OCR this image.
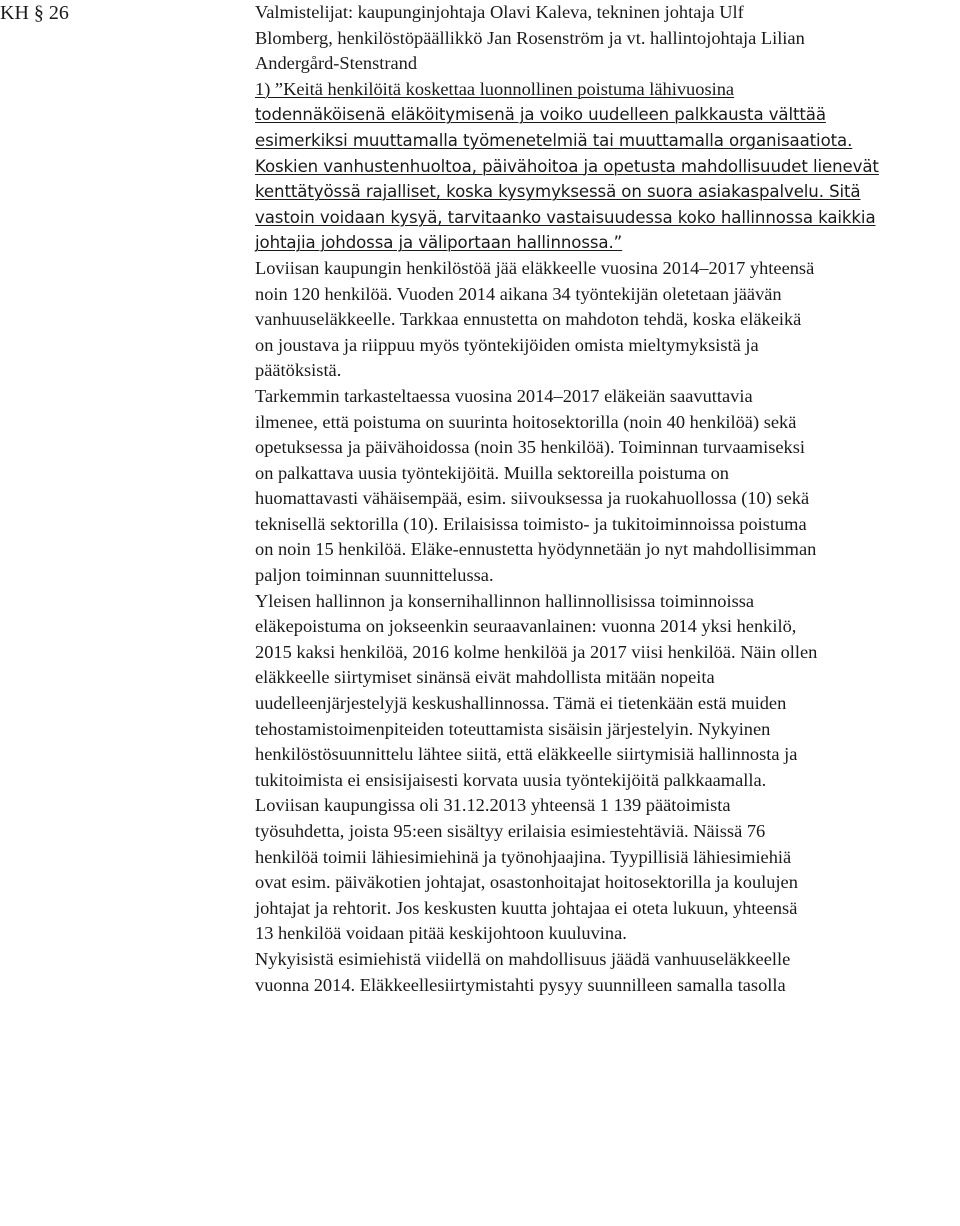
KH § 26	Valmistelijat: kaupunginjohtaja Olavi Kaleva, tekninen johtaja Ulf
Blomberg, henkilöstöpäällikkö Jan Rosenström ja vt. hallintojohtaja Lilian
Andergård-Stenstrand

1) ”Keitä henkilöitä koskettaa luonnollinen poistuma lähivuosina
todennäköisenä eläköitymisenä ja voiko uudelleen palkkausta välttää
esimerkiksi muuttamalla työmenetelmiä tai muuttamalla organisaatiota.
Koskien vanhustenhuoltoa, päivähoitoa ja opetusta mahdollisuudet lienevät
kenttätyössä rajalliset, koska kysymyksessä on suora asiakaspalvelu. Sitä
vastoin voidaan kysyä, tarvitaanko vastaisuudessa koko hallinnossa kaikkia
johtajia johdossa ja väliportaan hallinnossa.”

Loviisan kaupungin henkilöstöä jää eläkkeelle vuosina 2014–2017 yhteensä
noin 120 henkilöä. Vuoden 2014 aikana 34 työntekijän oletetaan jäävän
vanhuuseläkkeelle. Tarkkaa ennustetta on mahdoton tehdä, koska eläkeikä
on joustava ja riippuu myös työntekijöiden omista mieltymyksistä ja
päätöksistä.

Tarkemmin tarkasteltaessa vuosina 2014–2017 eläkeiän saavuttavia
ilmenee, että poistuma on suurinta hoitosektorilla (noin 40 henkilöä) sekä
opetuksessa ja päivähoidossa (noin 35 henkilöä). Toiminnan turvaamiseksi
on palkattava uusia työntekijöitä. Muilla sektoreilla poistuma on
huomattavasti vähäisempää, esim. siivouksessa ja ruokahuollossa (10) sekä
teknisellä sektorilla (10). Erilaisissa toimisto- ja tukitoiminnoissa poistuma
on noin 15 henkilöä. Eläke-ennustetta hyödynnetään jo nyt mahdollisimman
paljon toiminnan suunnittelussa.

Yleisen hallinnon ja konsernihallinnon hallinnollisissa toiminnoissa
eläkepoistuma on jokseenkin seuraavanlainen: vuonna 2014 yksi henkilö,
2015 kaksi henkilöä, 2016 kolme henkilöä ja 2017 viisi henkilöä. Näin ollen
eläkkeelle siirtymiset sinänsä eivät mahdollista mitään nopeita
uudelleenjärjestelyjä keskushallinnossa. Tämä ei tietenkään estä muiden
tehostamistoimenpiteiden toteuttamista sisäisin järjestelyin. Nykyinen
henkilöstösuunnittelu lähtee siitä, että eläkkeelle siirtymisiä hallinnosta ja
tukitoimista ei ensisijaisesti korvata uusia työntekijöitä palkkaamalla.

Loviisan kaupungissa oli 31.12.2013 yhteensä 1 139 päätoimista
työsuhdetta, joista 95:een sisältyy erilaisia esimiestehtäviä. Näissä 76
henkilöä toimii lähiesimiehinä ja työnohjaajina. Tyypillisiä lähiesimiehiä
ovat esim. päiväkotien johtajat, osastonhoitajat hoitosektorilla ja koulujen
johtajat ja rehtorit. Jos keskusten kuutta johtajaa ei oteta lukuun, yhteensä
13 henkilöä voidaan pitää keskijohtoon kuuluvina.

Nykyisistä esimiehistä viidellä on mahdollisuus jäädä vanhuuseläkkeelle
vuonna 2014. Eläkkeellesiirtymistahti pysyy suunnilleen samalla tasolla
